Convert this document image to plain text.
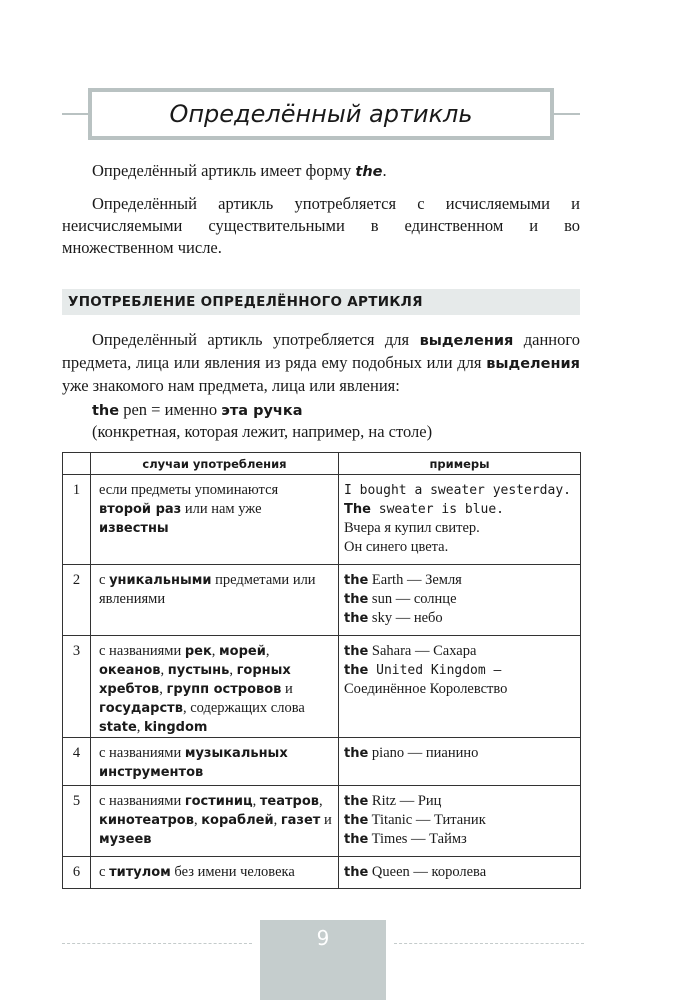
Определённый артикль

Определённый артикль имеет форму the.

Определённый артикль употребляется с исчисляемыми и неисчисляемыми существительными в единственном и во множественном числе.

УПОТРЕБЛЕНИЕ ОПРЕДЕЛЁННОГО АРТИКЛЯ

Определённый артикль употребляется для выделения данного предмета, лица или явления из ряда ему подобных или для выделения уже знакомого нам предмета, лица или явления:

the pen = именно эта ручка
(конкретная, которая лежит, например, на столе)
	случаи употребления	примеры
1	если предметы упоминаются второй раз или нам уже известны	I bought a sweater yesterday.
The sweater is blue.
Вчера я купил свитер.
Он синего цвета.

2	с уникальными предметами или явлениями	the Earth — Земля
the sun — солнце
the sky — небо

3	с названиями рек, морей, океанов, пустынь, горных хребтов, групп островов и государств, содержащих слова state, kingdom	the Sahara — Сахара
the United Kingdom —
Соединённое Королевство

4	с названиями музыкальных инструментов	the piano — пианино

5	с названиями гостиниц, театров, кинотеатров, кораблей, газет и музеев	the Ritz — Риц
the Titanic — Титаник
the Times — Таймз

6	с титулом без имени человека	the Queen — королева
9
